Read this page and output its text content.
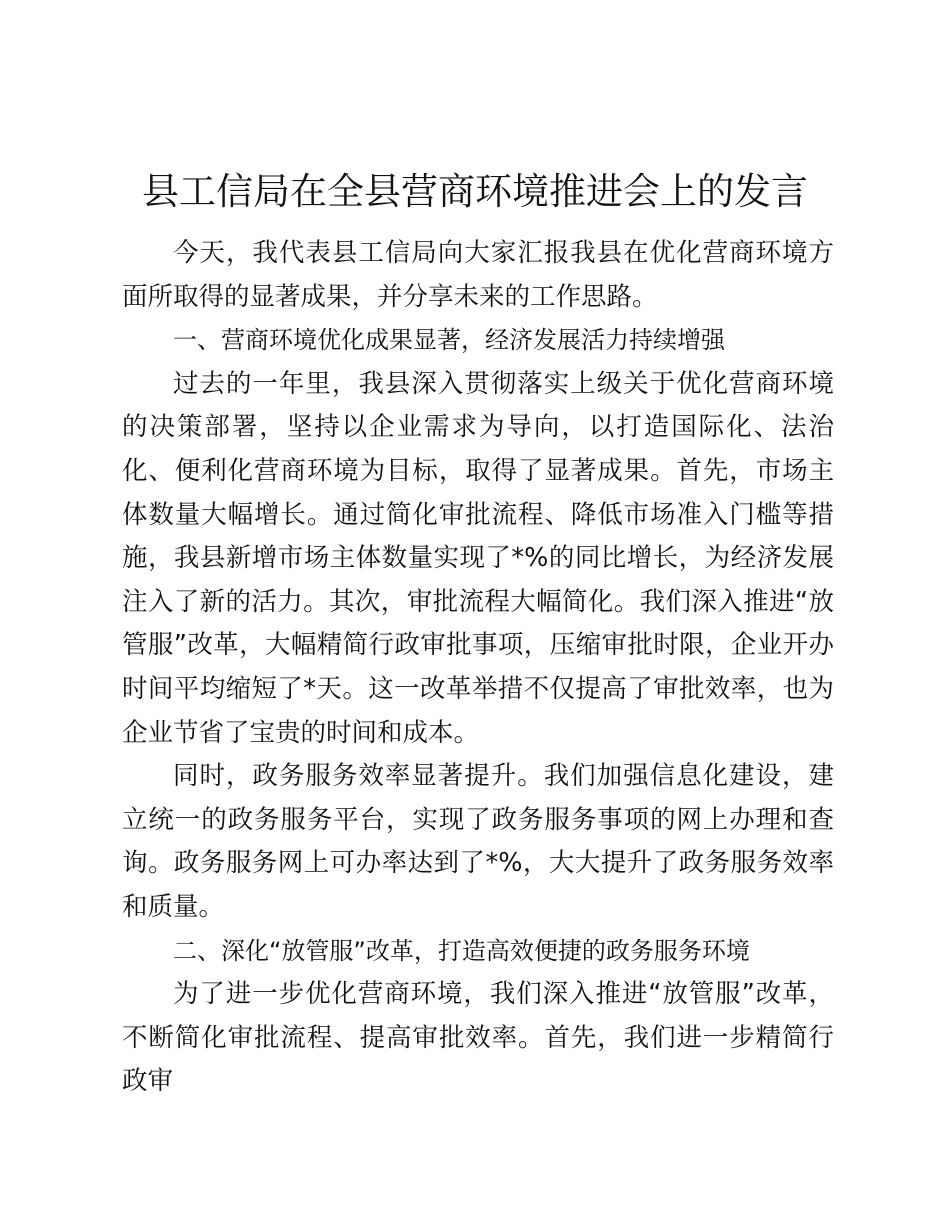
县工信局在全县营商环境推进会上的发言

今天，我代表县工信局向大家汇报我县在优化营商环境方面所取得的显著成果，并分享未来的工作思路。

一、营商环境优化成果显著，经济发展活力持续增强

过去的一年里，我县深入贯彻落实上级关于优化营商环境的决策部署，坚持以企业需求为导向，以打造国际化、法治化、便利化营商环境为目标，取得了显著成果。首先，市场主体数量大幅增长。通过简化审批流程、降低市场准入门槛等措施，我县新增市场主体数量实现了*%的同比增长，为经济发展注入了新的活力。其次，审批流程大幅简化。我们深入推进“放管服”改革，大幅精简行政审批事项，压缩审批时限，企业开办时间平均缩短了*天。这一改革举措不仅提高了审批效率，也为企业节省了宝贵的时间和成本。

同时，政务服务效率显著提升。我们加强信息化建设，建立统一的政务服务平台，实现了政务服务事项的网上办理和查询。政务服务网上可办率达到了*%，大大提升了政务服务效率和质量。

二、深化“放管服”改革，打造高效便捷的政务服务环境

为了进一步优化营商环境，我们深入推进“放管服”改革，不断简化审批流程、提高审批效率。首先，我们进一步精简行政审
